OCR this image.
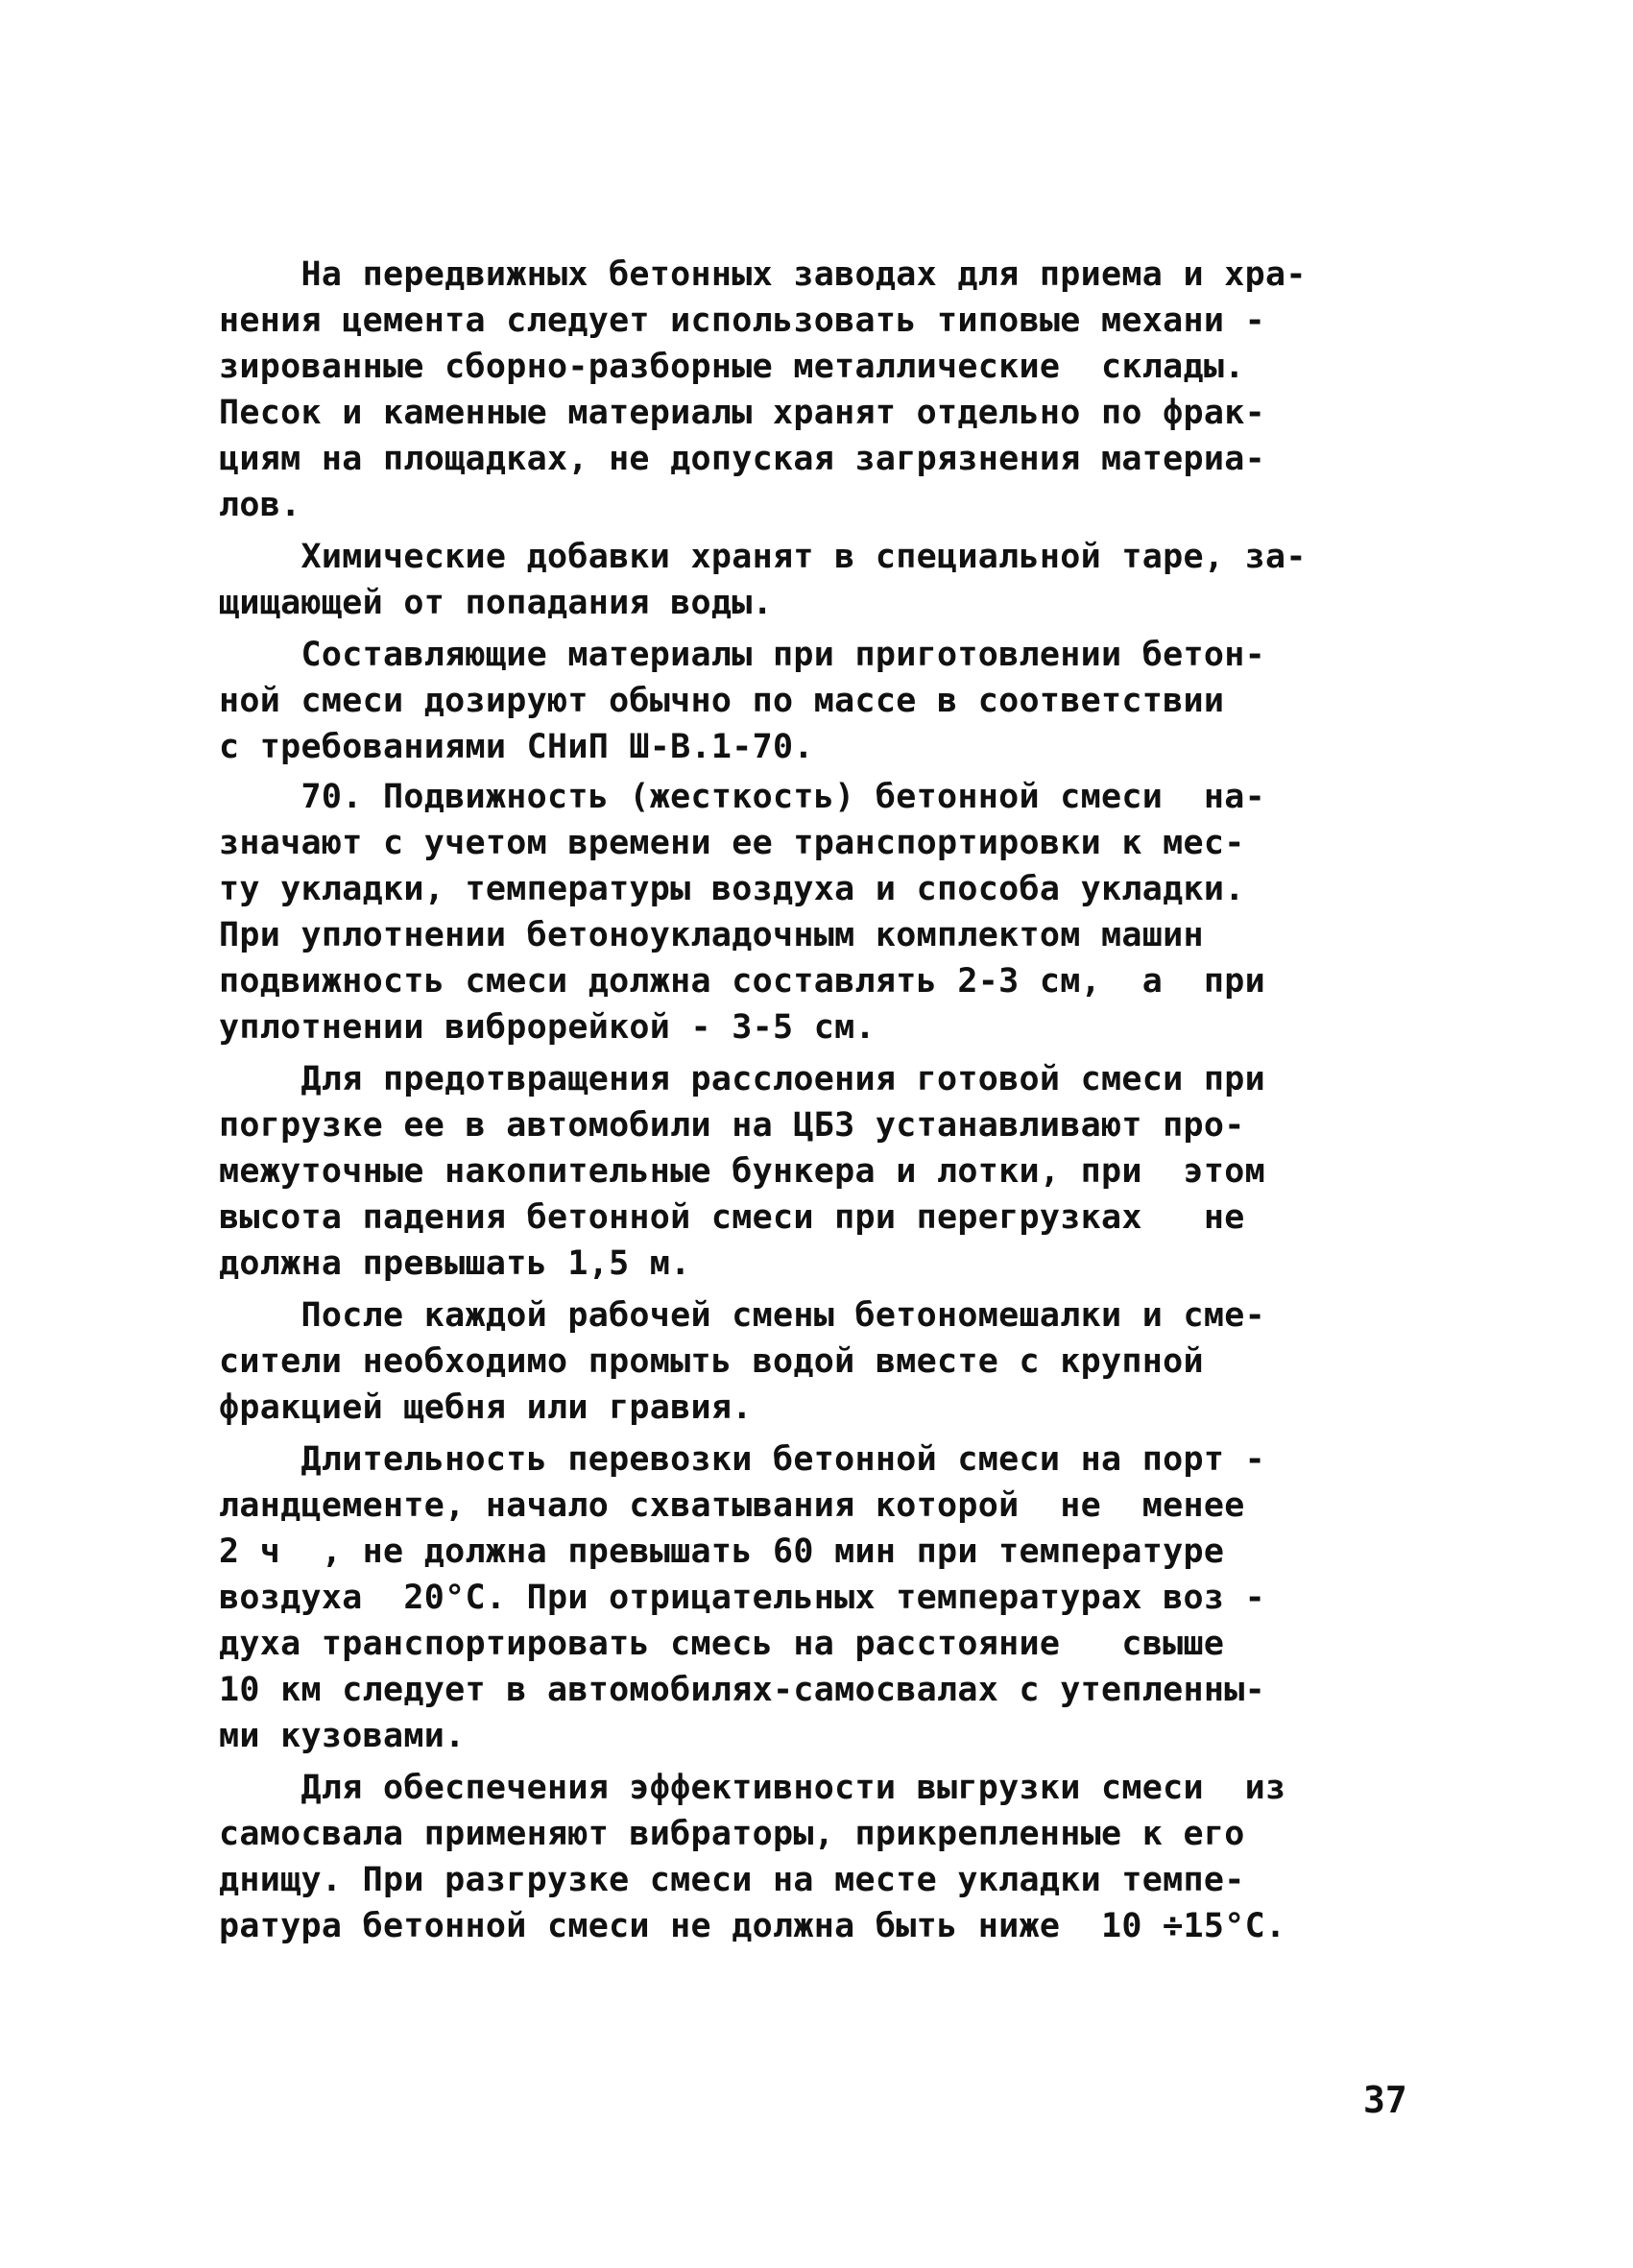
На передвижных бетонных заводах для приема и хра-
нения цемента следует использовать типовые механи -
зированные сборно-разборные металлические  склады.
Песок и каменные материалы хранят отдельно по фрак-
циям на площадках, не допуская загрязнения материа-
лов.
Химические добавки хранят в специальной таре, за-
щищающей от попадания воды.
Составляющие материалы при приготовлении бетон-
ной смеси дозируют обычно по массе в соответствии
с требованиями СНиП Ш-В.1-70.
70. Подвижность (жесткость) бетонной смеси  на-
значают с учетом времени ее транспортировки к мес-
ту укладки, температуры воздуха и способа укладки.
При уплотнении бетоноукладочным комплектом машин
подвижность смеси должна составлять 2-3 см,  а  при
уплотнении виброрейкой - 3-5 см.
Для предотвращения расслоения готовой смеси при
погрузке ее в автомобили на ЦБЗ устанавливают про-
межуточные накопительные бункера и лотки, при  этом
высота падения бетонной смеси при перегрузках   не
должна превышать 1,5 м.
После каждой рабочей смены бетономешалки и сме-
сители необходимо промыть водой вместе с крупной
фракцией щебня или гравия.
Длительность перевозки бетонной смеси на порт -
ландцементе, начало схватывания которой  не  менее
2 ч  , не должна превышать 60 мин при температуре
воздуха  20°С. При отрицательных температурах воз -
духа транспортировать смесь на расстояние   свыше
10 км следует в автомобилях-самосвалах с утепленны-
ми кузовами.
Для обеспечения эффективности выгрузки смеси  из
самосвала применяют вибраторы, прикрепленные к его
днищу. При разгрузке смеси на месте укладки темпе-
ратура бетонной смеси не должна быть ниже  10 ÷15°С.
37
